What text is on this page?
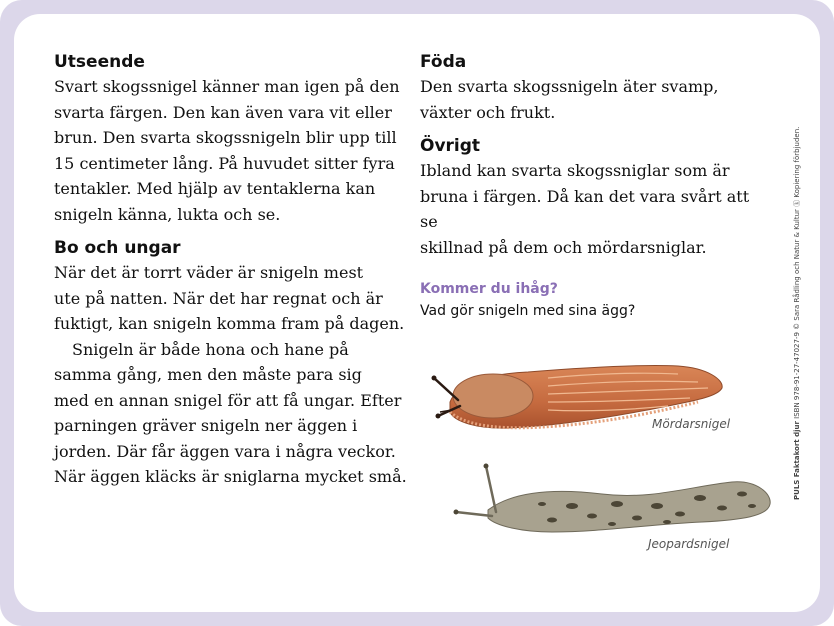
Utseende

Svart skogssnigel känner man igen på den
svarta färgen. Den kan även vara vit eller
brun. Den svarta skogssnigeln blir upp till
15 centimeter lång. På huvudet sitter fyra
tentakler. Med hjälp av tentaklerna kan
snigeln känna, lukta och se.

Bo och ungar

När det är torrt väder är snigeln mest
ute på natten. När det har regnat och är
fuktigt, kan snigeln komma fram på dagen.

Snigeln är både hona och hane på
samma gång, men den måste para sig
med en annan snigel för att få ungar. Efter
parningen gräver snigeln ner äggen i
jorden. Där får äggen vara i några veckor.
När äggen kläcks är sniglarna mycket små.

Föda

Den svarta skogssnigeln äter svamp,
växter och frukt.

Övrigt

Ibland kan svarta skogssniglar som är
bruna i färgen. Då kan det vara svårt att se
skillnad på dem och mördarsniglar.

Kommer du ihåg?
Vad gör snigeln med sina ägg?
Mördarsnigel
Jeopardsnigel
PULS Faktakort djur ISBN 978-91-27-47027-9 © Sara Rådling och Natur & Kultur ⓚ Kopiering förbjuden.
